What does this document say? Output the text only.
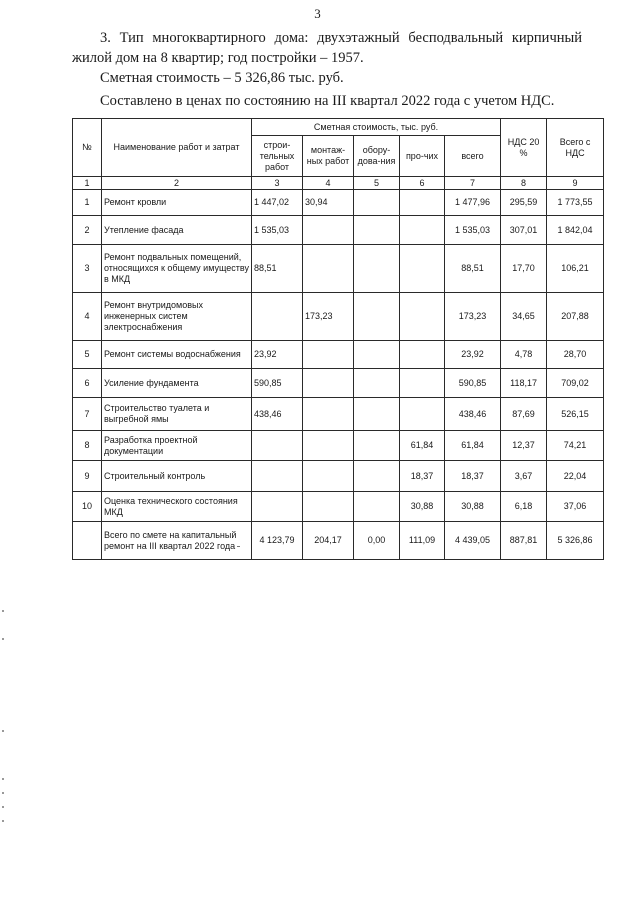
3

3. Тип многоквартирного дома: двухэтажный бесподвальный кирпичный жилой дом на 8 квартир; год постройки – 1957.

Сметная стоимость – 5 326,86 тыс. руб.

Составлено в ценах по состоянию на III квартал 2022 года с учетом НДС.

№	Наименование работ и затрат	Сметная стоимость, тыс. руб.					НДС 20 %	Всего с НДС
		строи-тельных работ	монтаж-ных работ	обору-дова-ния	про-чих	всего		
1	2	3	4	5	6	7	8	9
1	Ремонт кровли	1 447,02	30,94			1 477,96	295,59	1 773,55
2	Утепление фасада	1 535,03				1 535,03	307,01	1 842,04
3	Ремонт подвальных помещений, относящихся к общему имуществу в МКД	88,51				88,51	17,70	106,21
4	Ремонт внутридомовых инженерных систем электроснабжения		173,23			173,23	34,65	207,88
5	Ремонт системы водоснабжения	23,92				23,92	4,78	28,70
6	Усиление фундамента	590,85				590,85	118,17	709,02
7	Строительство туалета и выгребной ямы	438,46				438,46	87,69	526,15
8	Разработка проектной документации				61,84	61,84	12,37	74,21
9	Строительный контроль				18,37	18,37	3,67	22,04
10	Оценка технического состояния МКД				30,88	30,88	6,18	37,06
	Всего по смете на капитальный ремонт на III квартал 2022 года	4 123,79	204,17	0,00	111,09	4 439,05	887,81	5 326,86
